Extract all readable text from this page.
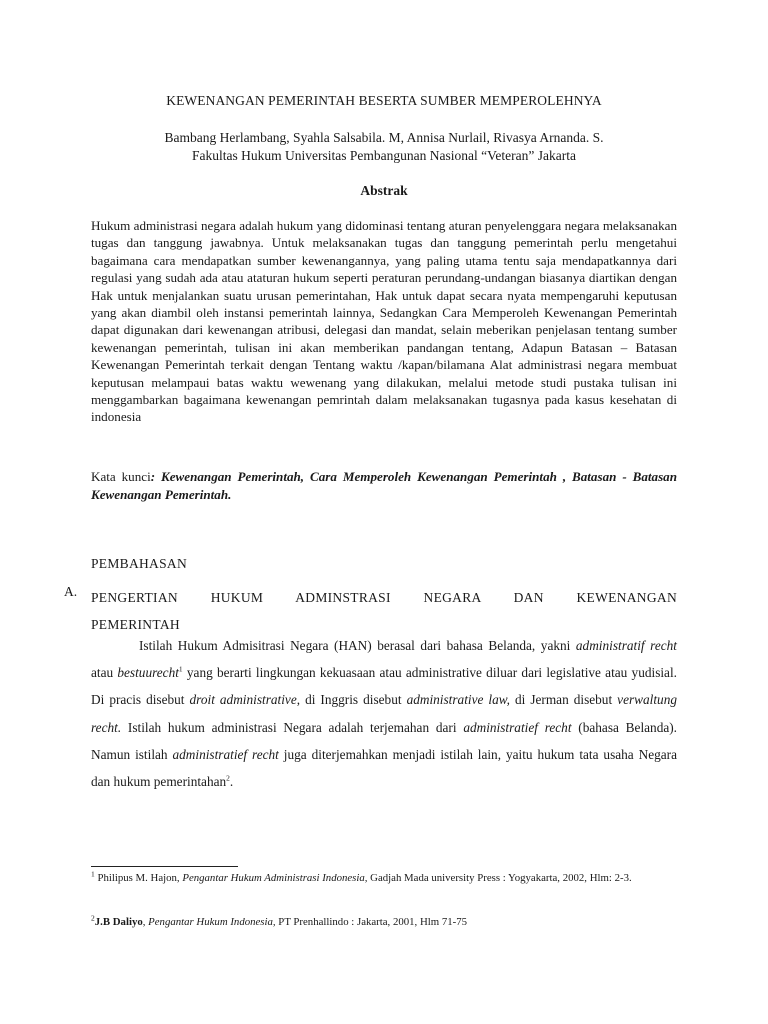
KEWENANGAN PEMERINTAH BESERTA SUMBER MEMPEROLEHNYA
Bambang Herlambang, Syahla Salsabila. M, Annisa Nurlail, Rivasya Arnanda. S.
Fakultas Hukum Universitas Pembangunan Nasional “Veteran” Jakarta
Abstrak
Hukum administrasi negara adalah hukum yang didominasi tentang aturan penyelenggara negara melaksanakan tugas dan tanggung jawabnya. Untuk melaksanakan tugas dan tanggung pemerintah perlu mengetahui bagaimana cara mendapatkan sumber kewenangannya, yang paling utama tentu saja mendapatkannya dari regulasi yang sudah ada atau ataturan hukum seperti peraturan perundang-undangan biasanya diartikan dengan Hak untuk menjalankan suatu urusan pemerintahan, Hak untuk dapat secara nyata mempengaruhi keputusan yang akan diambil oleh instansi pemerintah lainnya, Sedangkan Cara Memperoleh Kewenangan Pemerintah dapat digunakan dari kewenangan atribusi, delegasi dan mandat, selain meberikan penjelasan tentang sumber kewenangan pemerintah, tulisan ini akan memberikan pandangan tentang, Adapun Batasan – Batasan Kewenangan Pemerintah terkait dengan Tentang waktu /kapan/bilamana Alat administrasi negara membuat keputusan melampaui batas waktu wewenang yang dilakukan, melalui metode studi pustaka tulisan ini menggambarkan bagaimana kewenangan pemrintah dalam melaksanakan tugasnya pada kasus kesehatan di indonesia
Kata kunci: Kewenangan Pemerintah, Cara Memperoleh Kewenangan Pemerintah , Batasan - Batasan Kewenangan Pemerintah.
PEMBAHASAN
A. PENGERTIAN HUKUM ADMINSTRASI NEGARA DAN KEWENANGAN
PEMERINTAH
Istilah Hukum Admisitrasi Negara (HAN) berasal dari bahasa Belanda, yakni administratif recht atau bestuurecht$^1$ yang berarti lingkungan kekuasaan atau administrative diluar dari legislative atau yudisial. Di pracis disebut droit administrative, di Inggris disebut administrative law, di Jerman disebut verwaltung recht. Istilah hukum administrasi Negara adalah terjemahan dari administratief recht (bahasa Belanda). Namun istilah administratief recht juga diterjemahkan menjadi istilah lain, yaitu hukum tata usaha Negara dan hukum pemerintahan$^2$.
$^1$ Philipus M. Hajon, Pengantar Hukum Administrasi Indonesia, Gadjah Mada university Press : Yogyakarta, 2002, Hlm: 2-3.
$^2$J.B Daliyo, Pengantar Hukum Indonesia, PT Prenhallindo : Jakarta, 2001, Hlm 71-75
